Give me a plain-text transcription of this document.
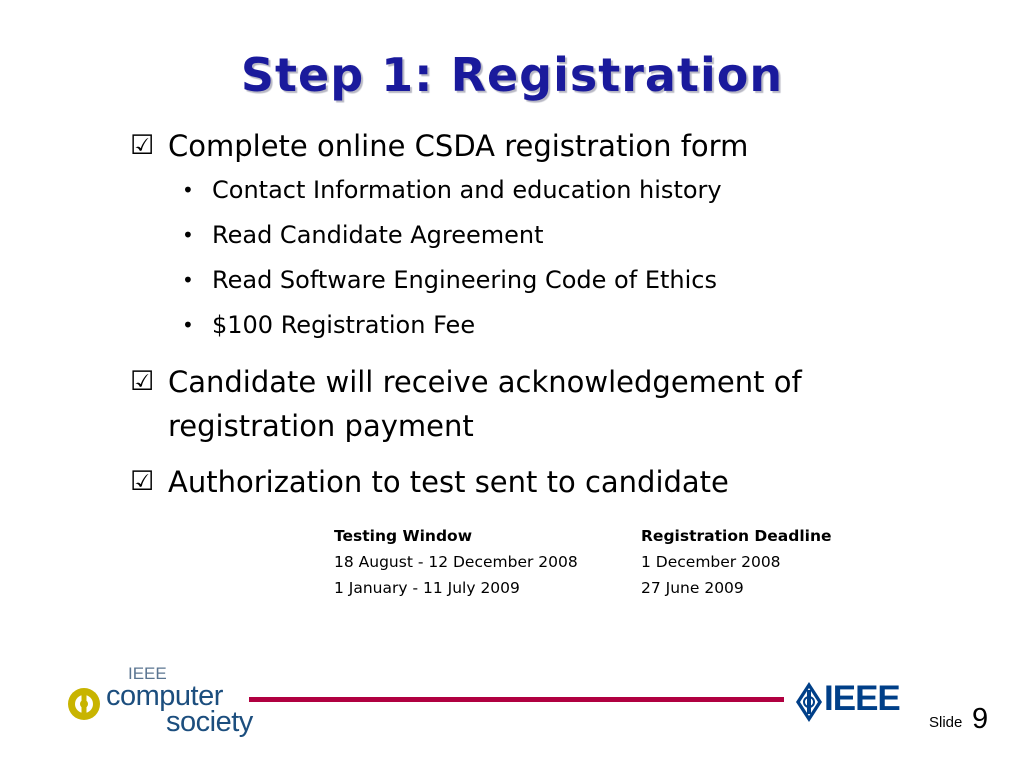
Step 1: Registration
☑ Complete online CSDA registration form
• Contact Information and education history
• Read Candidate Agreement
• Read Software Engineering Code of Ethics
• $100 Registration Fee
☑ Candidate will receive acknowledgement of
registration payment
☑ Authorization to test sent to candidate
Testing Window	Registration Deadline
18 August - 12 December 2008	1 December 2008
1 January - 11 July 2009	27 June 2009
IEEE
computer
society
IEEE
Slide 9
